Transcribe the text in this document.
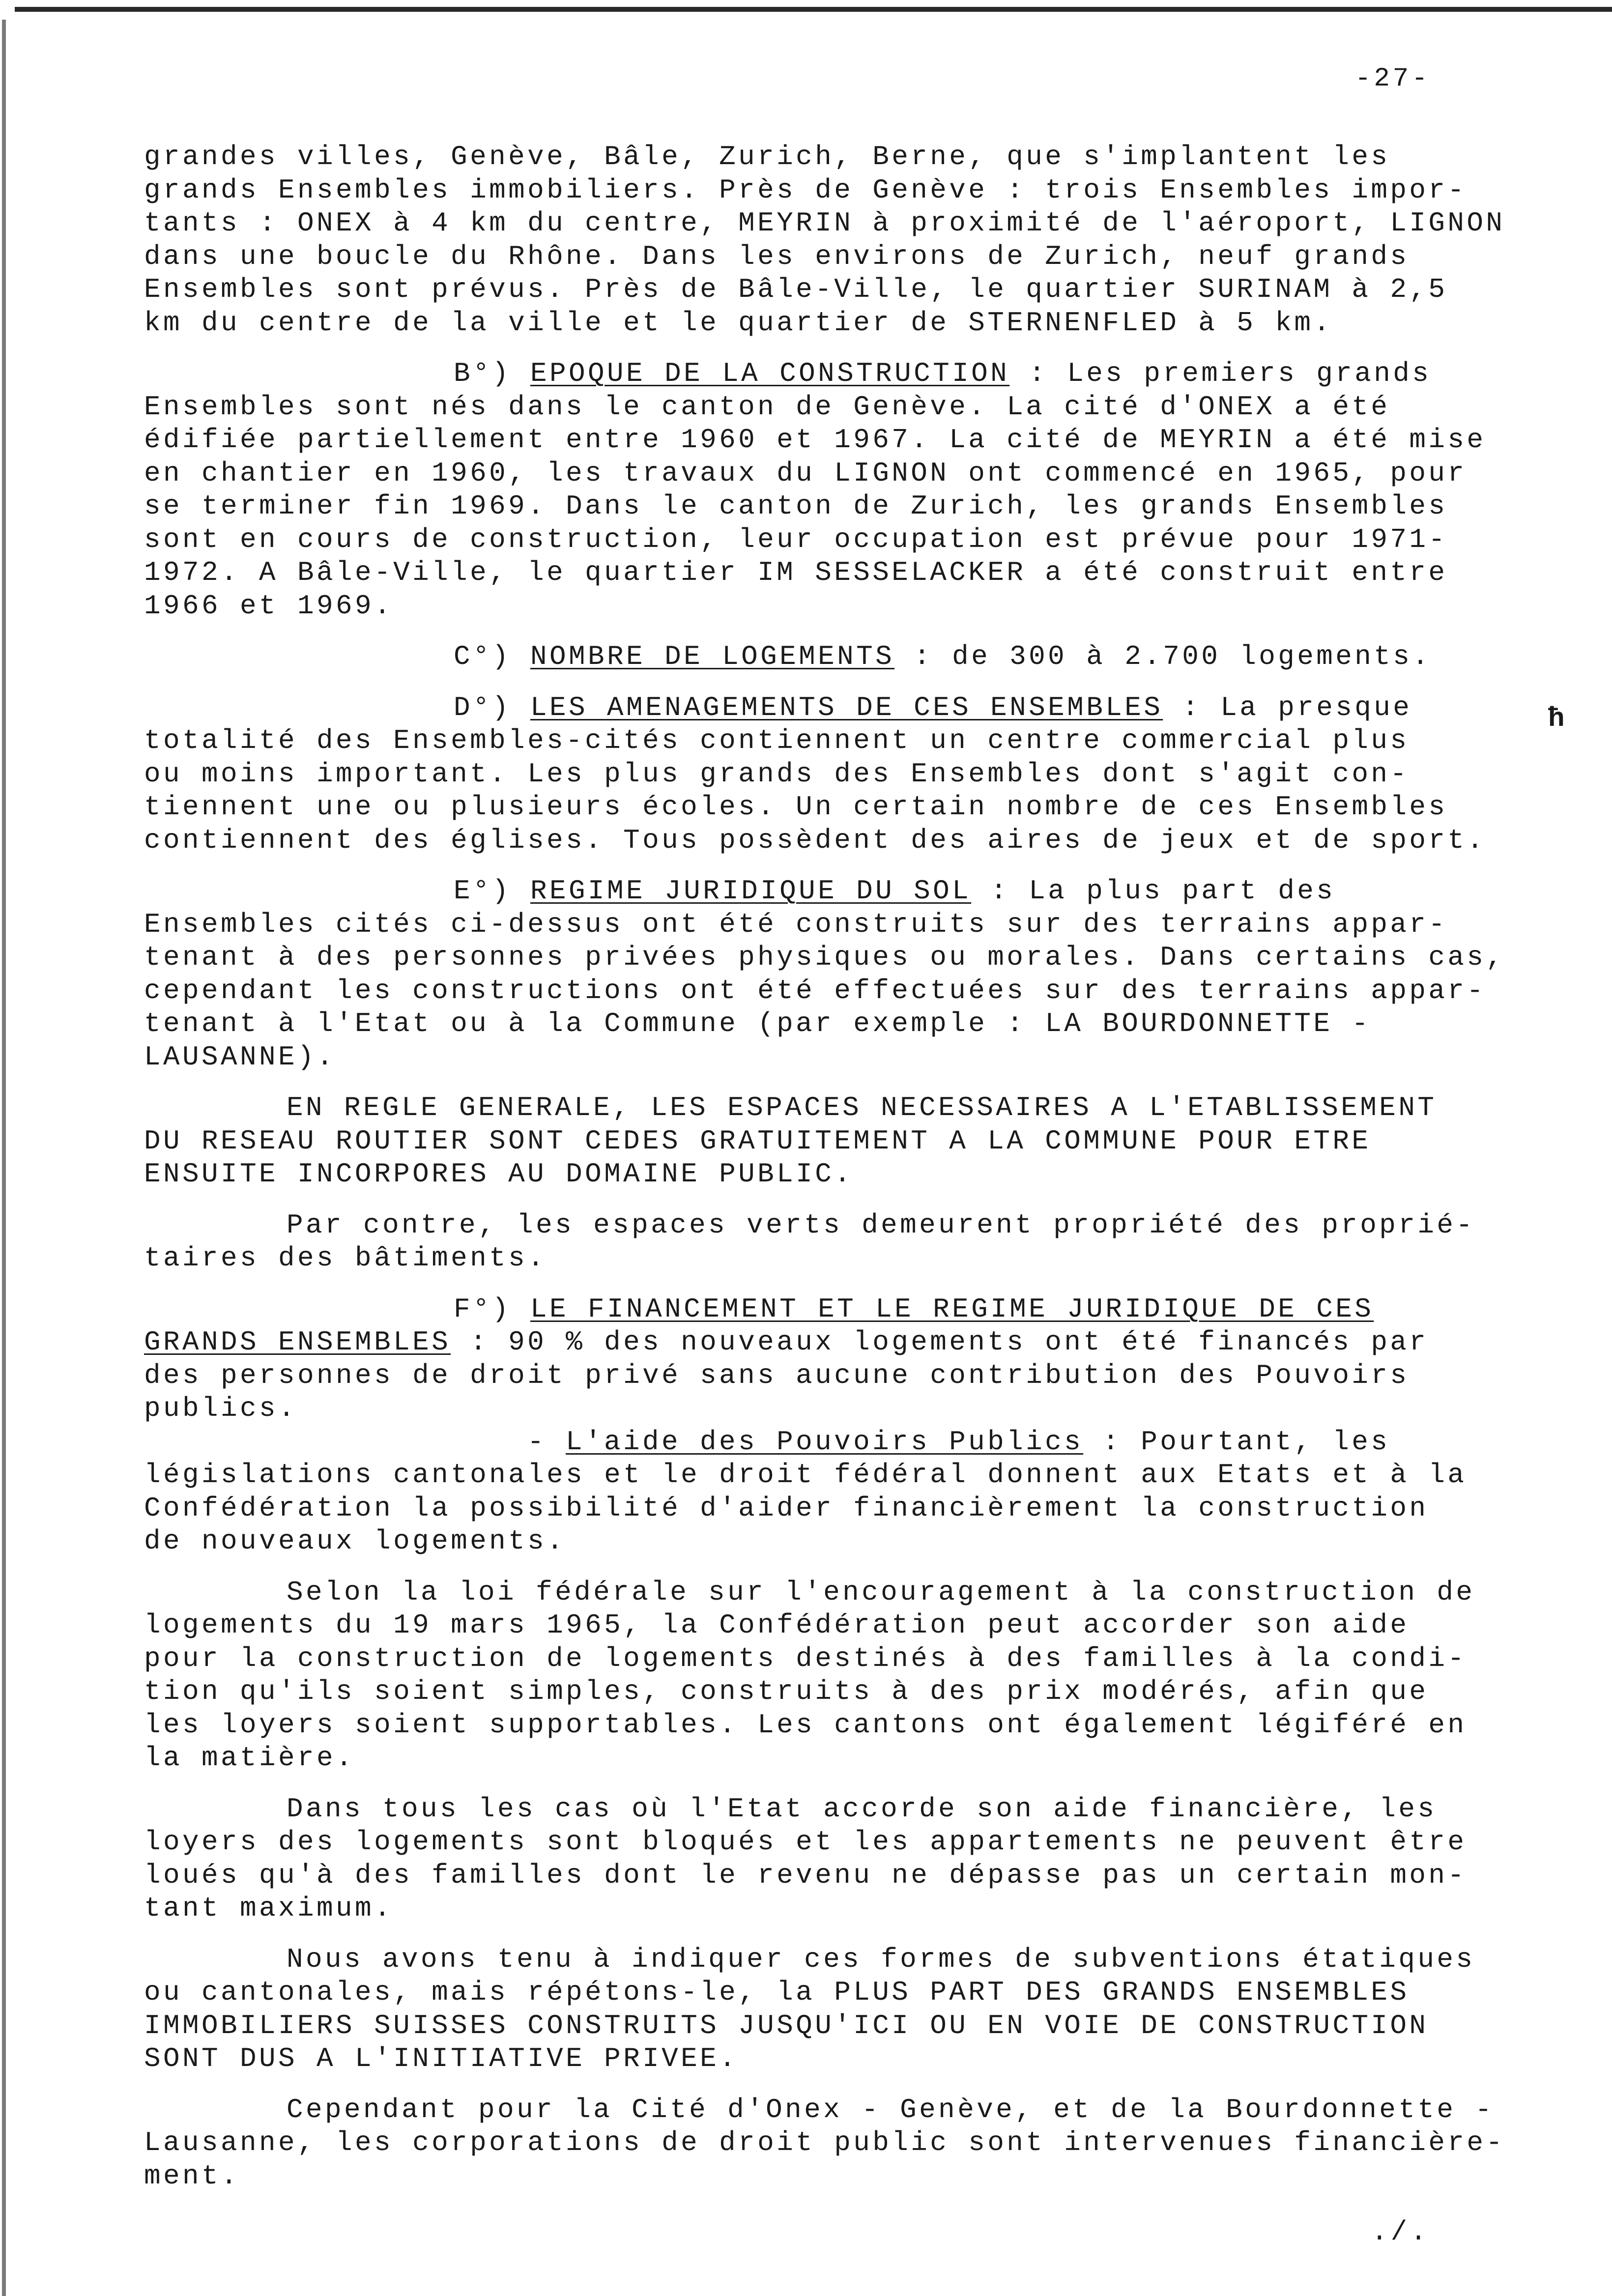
-27-
grandes villes, Genève, Bâle, Zurich, Berne, que s'implantent les
grands Ensembles immobiliers. Près de Genève : trois Ensembles impor-
tants : ONEX à 4 km du centre, MEYRIN à proximité de l'aéroport, LIGNON
dans une boucle du Rhône. Dans les environs de Zurich, neuf grands
Ensembles sont prévus. Près de Bâle-Ville, le quartier SURINAM à 2,5
km du centre de la ville et le quartier de STERNENFLED à 5 km.
B°) EPOQUE DE LA CONSTRUCTION : Les premiers grands
Ensembles sont nés dans le canton de Genève. La cité d'ONEX a été
édifiée partiellement entre 1960 et 1967. La cité de MEYRIN a été mise
en chantier en 1960, les travaux du LIGNON ont commencé en 1965, pour
se terminer fin 1969. Dans le canton de Zurich, les grands Ensembles
sont en cours de construction, leur occupation est prévue pour 1971-
1972. A Bâle-Ville, le quartier IM SESSELACKER a été construit entre
1966 et 1969.
C°) NOMBRE DE LOGEMENTS : de 300 à 2.700 logements.
D°) LES AMENAGEMENTS DE CES ENSEMBLES : La presque
totalité des Ensembles-cités contiennent un centre commercial plus
ou moins important. Les plus grands des Ensembles dont s'agit con-
tiennent une ou plusieurs écoles. Un certain nombre de ces Ensembles
contiennent des églises. Tous possèdent des aires de jeux et de sport.
E°) REGIME JURIDIQUE DU SOL : La plus part des
Ensembles cités ci-dessus ont été construits sur des terrains appar-
tenant à des personnes privées physiques ou morales. Dans certains cas,
cependant les constructions ont été effectuées sur des terrains appar-
tenant à l'Etat ou à la Commune (par exemple : LA BOURDONNETTE -
LAUSANNE).
EN REGLE GENERALE, LES ESPACES NECESSAIRES A L'ETABLISSEMENT
DU RESEAU ROUTIER SONT CEDES GRATUITEMENT A LA COMMUNE POUR ETRE
ENSUITE INCORPORES AU DOMAINE PUBLIC.
Par contre, les espaces verts demeurent propriété des proprié-
taires des bâtiments.
F°) LE FINANCEMENT ET LE REGIME JURIDIQUE DE CES
GRANDS ENSEMBLES : 90 % des nouveaux logements ont été financés par
des personnes de droit privé sans aucune contribution des Pouvoirs
publics.
- L'aide des Pouvoirs Publics : Pourtant, les
législations cantonales et le droit fédéral donnent aux Etats et à la
Confédération la possibilité d'aider financièrement la construction
de nouveaux logements.
Selon la loi fédérale sur l'encouragement à la construction de
logements du 19 mars 1965, la Confédération peut accorder son aide
pour la construction de logements destinés à des familles à la condi-
tion qu'ils soient simples, construits à des prix modérés, afin que
les loyers soient supportables. Les cantons ont également légiféré en
la matière.
Dans tous les cas où l'Etat accorde son aide financière, les
loyers des logements sont bloqués et les appartements ne peuvent être
loués qu'à des familles dont le revenu ne dépasse pas un certain mon-
tant maximum.
Nous avons tenu à indiquer ces formes de subventions étatiques
ou cantonales, mais répétons-le, la PLUS PART DES GRANDS ENSEMBLES
IMMOBILIERS SUISSES CONSTRUITS JUSQU'ICI OU EN VOIE DE CONSTRUCTION
SONT DUS A L'INITIATIVE PRIVEE.
Cependant pour la Cité d'Onex - Genève, et de la Bourdonnette -
Lausanne, les corporations de droit public sont intervenues financière-
ment.
ħ
./.
